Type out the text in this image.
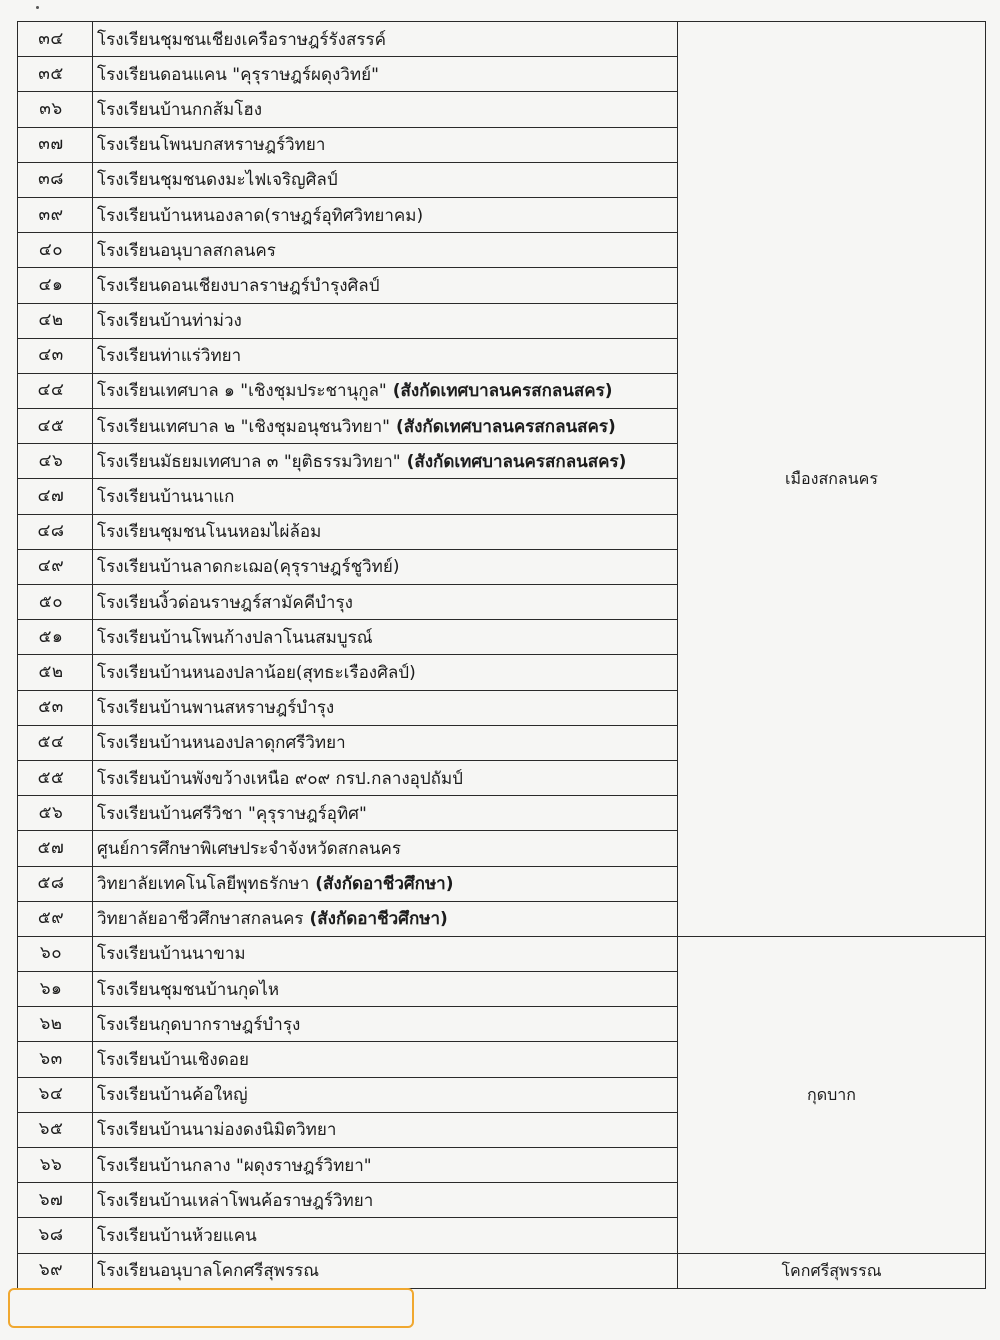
๓๔	โรงเรียนชุมชนเชียงเครือราษฎร์รังสรรค์	เมืองสกลนคร
๓๕	โรงเรียนดอนแคน "คุรุราษฎร์ผดุงวิทย์"	
๓๖	โรงเรียนบ้านกกส้มโฮง	
๓๗	โรงเรียนโพนบกสหราษฎร์วิทยา	
๓๘	โรงเรียนชุมชนดงมะไฟเจริญศิลป์	
๓๙	โรงเรียนบ้านหนองลาด(ราษฎร์อุทิศวิทยาคม)	
๔๐	โรงเรียนอนุบาลสกลนคร	
๔๑	โรงเรียนดอนเชียงบาลราษฎร์บำรุงศิลป์	
๔๒	โรงเรียนบ้านท่าม่วง	
๔๓	โรงเรียนท่าแร่วิทยา	
๔๔	โรงเรียนเทศบาล ๑ "เชิงชุมประชานุกูล" (สังกัดเทศบาลนครสกลนสคร)	
๔๕	โรงเรียนเทศบาล ๒ "เชิงชุมอนุชนวิทยา" (สังกัดเทศบาลนครสกลนสคร)	
๔๖	โรงเรียนมัธยมเทศบาล ๓ "ยุติธรรมวิทยา" (สังกัดเทศบาลนครสกลนสคร)	
๔๗	โรงเรียนบ้านนาแก	
๔๘	โรงเรียนชุมชนโนนหอมไผ่ล้อม	
๔๙	โรงเรียนบ้านลาดกะเฌอ(คุรุราษฎร์ชูวิทย์)	
๕๐	โรงเรียนงิ้วด่อนราษฎร์สามัคคีบำรุง	
๕๑	โรงเรียนบ้านโพนก้างปลาโนนสมบูรณ์	
๕๒	โรงเรียนบ้านหนองปลาน้อย(สุทธะเรืองศิลป์)	
๕๓	โรงเรียนบ้านพานสหราษฎร์บำรุง	
๕๔	โรงเรียนบ้านหนองปลาดุกศรีวิทยา	
๕๕	โรงเรียนบ้านพังขว้างเหนือ ๙๐๙ กรป.กลางอุปถัมป์	
๕๖	โรงเรียนบ้านศรีวิชา "คุรุราษฎร์อุทิศ"	
๕๗	ศูนย์การศึกษาพิเศษประจำจังหวัดสกลนคร	
๕๘	วิทยาลัยเทคโนโลยีพุทธรักษา (สังกัดอาชีวศึกษา)	
๕๙	วิทยาลัยอาชีวศึกษาสกลนคร (สังกัดอาชีวศึกษา)	
๖๐	โรงเรียนบ้านนาขาม	กุดบาก
๖๑	โรงเรียนชุมชนบ้านกุดไห	
๖๒	โรงเรียนกุดบากราษฎร์บำรุง	
๖๓	โรงเรียนบ้านเชิงดอย	
๖๔	โรงเรียนบ้านค้อใหญ่	
๖๕	โรงเรียนบ้านนาม่องดงนิมิตวิทยา	
๖๖	โรงเรียนบ้านกลาง "ผดุงราษฎร์วิทยา"	
๖๗	โรงเรียนบ้านเหล่าโพนค้อราษฎร์วิทยา	
๖๘	โรงเรียนบ้านห้วยแคน	
๖๙	โรงเรียนอนุบาลโคกศรีสุพรรณ	โคกศรีสุพรรณ
